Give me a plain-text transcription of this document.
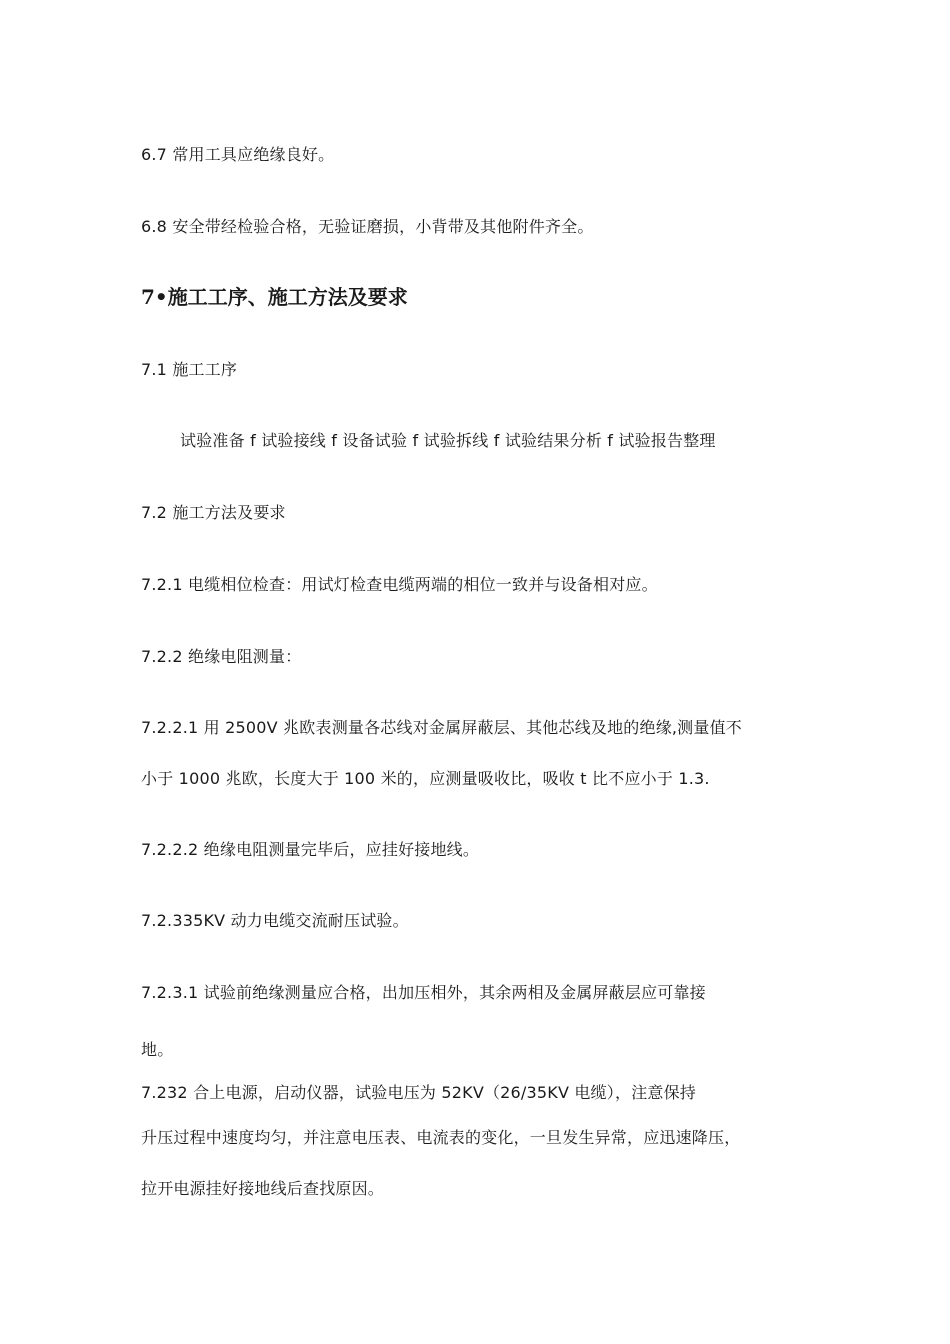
6.7 常用工具应绝缘良好。
6.8 安全带经检验合格，无验证磨损，小背带及其他附件齐全。
7•施工工序、施工方法及要求
7.1 施工工序
试验准备 f 试验接线 f 设备试验 f 试验拆线 f 试验结果分析 f 试验报告整理
7.2 施工方法及要求
7.2.1 电缆相位检查：用试灯检查电缆两端的相位一致并与设备相对应。
7.2.2 绝缘电阻测量：
7.2.2.1 用 2500V 兆欧表测量各芯线对金属屏蔽层、其他芯线及地的绝缘,测量值不
小于 1000 兆欧，长度大于 100 米的，应测量吸收比，吸收 t 比不应小于 1.3.
7.2.2.2 绝缘电阻测量完毕后，应挂好接地线。
7.2.335KV 动力电缆交流耐压试验。
7.2.3.1 试验前绝缘测量应合格，出加压相外，其余两相及金属屏蔽层应可靠接
地。
7.232 合上电源，启动仪器，试验电压为 52KV（26/35KV 电缆），注意保持
升压过程中速度均匀，并注意电压表、电流表的变化，一旦发生异常，应迅速降压，
拉开电源挂好接地线后查找原因。
